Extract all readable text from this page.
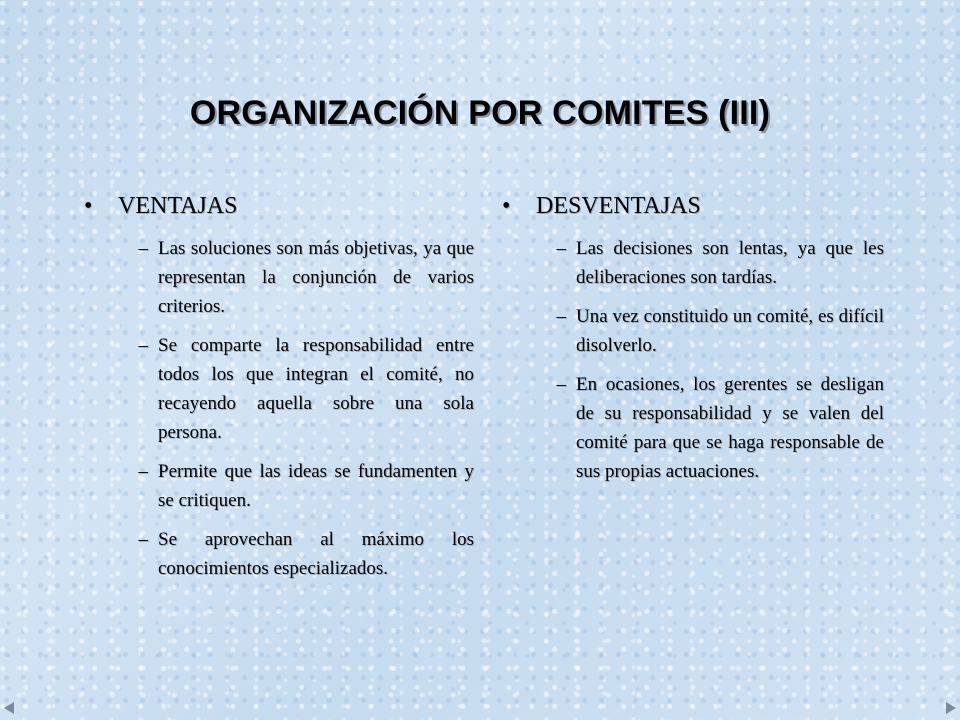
ORGANIZACIÓN POR COMITES (III)
•	VENTAJAS
– Las soluciones son más objetivas, ya que representan la conjunción de varios criterios.
– Se comparte la responsabilidad entre todos los que integran el comité, no recayendo aquella sobre una sola persona.
– Permite que las ideas se fundamenten y se critiquen.
– Se aprovechan al máximo los conocimientos especializados.
•	DESVENTAJAS
– Las decisiones son lentas, ya que les deliberaciones son tardías.
– Una vez constituido un comité, es difícil disolverlo.
– En ocasiones, los gerentes se desligan de su responsabilidad y se valen del comité para que se haga responsable de sus propias actuaciones.
